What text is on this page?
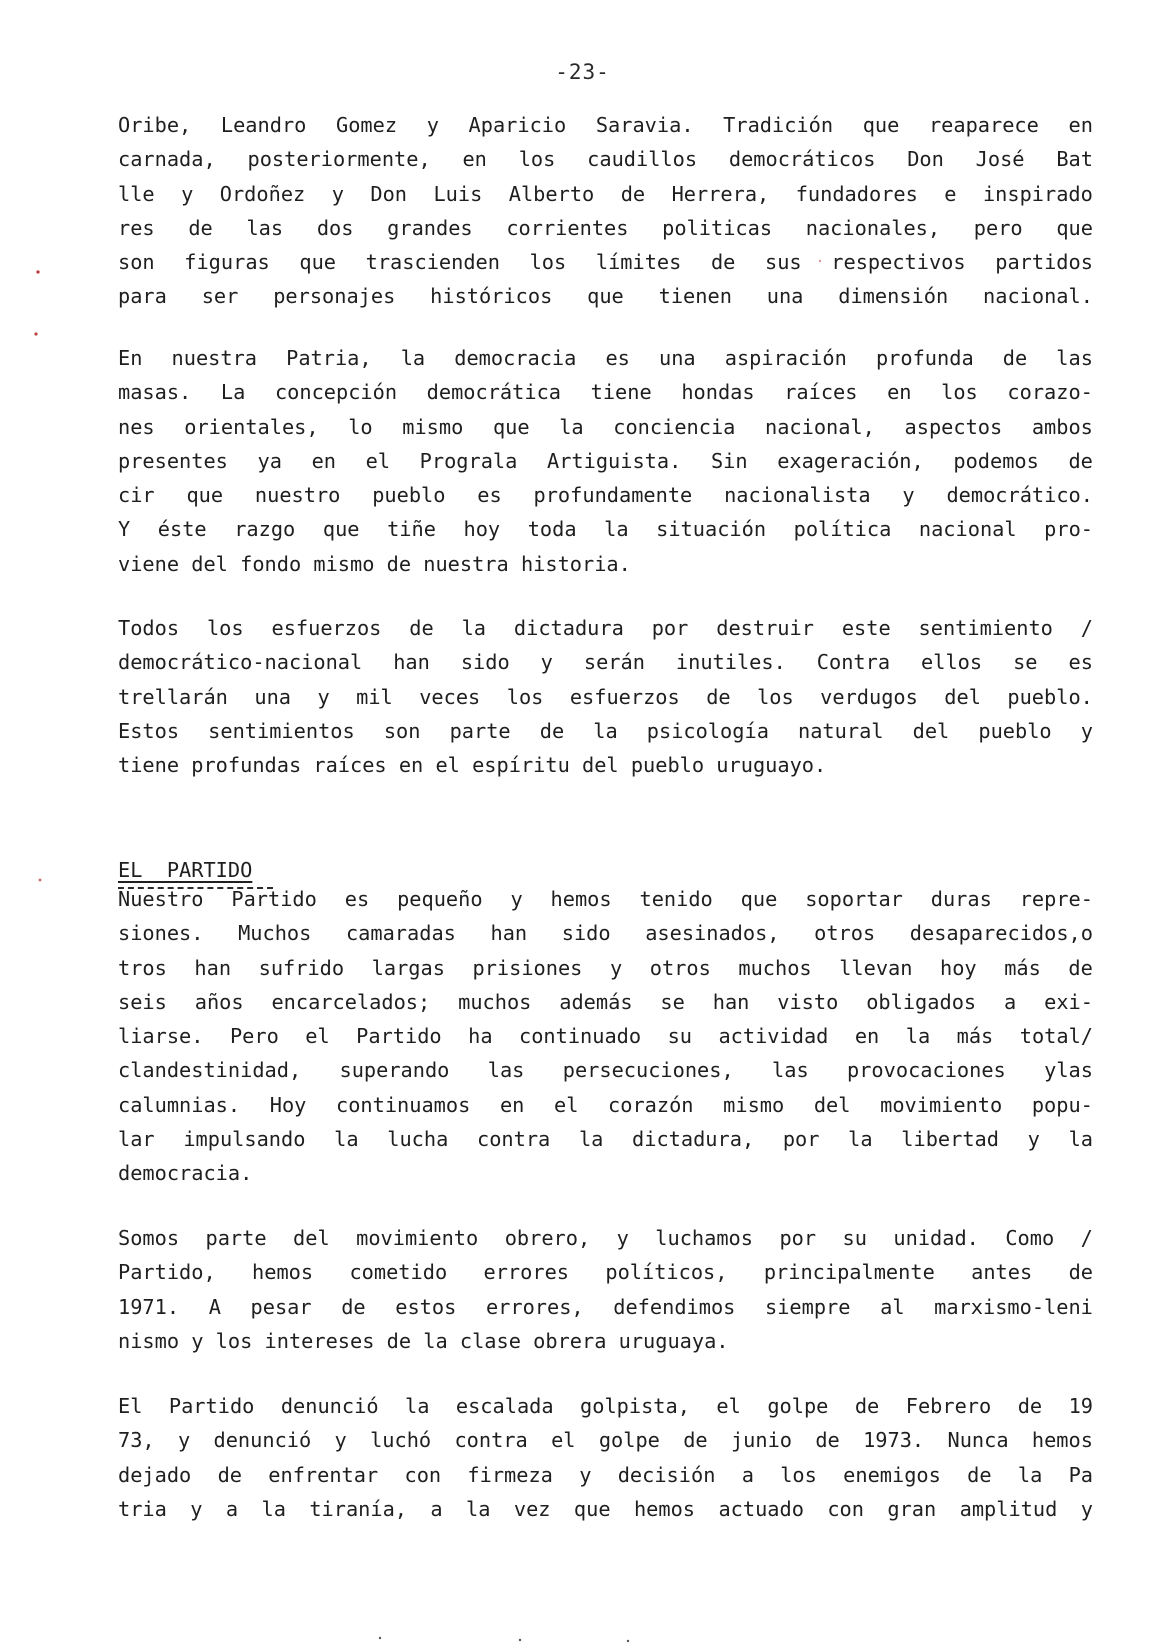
-23-
Oribe, Leandro Gomez y Aparicio Saravia. Tradición que reaparece en
carnada, posteriormente, en los caudillos democráticos Don José Bat
lle y Ordoñez y Don Luis Alberto de Herrera, fundadores e inspirado
res de las dos grandes corrientes politicas nacionales, pero que
son figuras que trascienden los límites de sus respectivos partidos
para ser personajes históricos que tienen una dimensión nacional.
En nuestra Patria, la democracia es una aspiración profunda de las
masas. La concepción democrática tiene hondas raíces en los corazo-
nes orientales, lo mismo que la conciencia nacional, aspectos ambos
presentes ya en el Prograla Artiguista. Sin exageración, podemos de
cir que nuestro pueblo es profundamente nacionalista y democrático.
Y éste razgo que tiñe hoy toda la situación política nacional pro-
viene del fondo mismo de nuestra historia.
Todos los esfuerzos de la dictadura por destruir este sentimiento /
democrático-nacional han sido y serán inutiles. Contra ellos se es
trellarán una y mil veces los esfuerzos de los verdugos del pueblo.
Estos sentimientos son parte de la psicología natural del pueblo y
tiene profundas raíces en el espíritu del pueblo uruguayo.
EL  PARTIDO
Nuestro Partido es pequeño y hemos tenido que soportar duras repre-
siones. Muchos camaradas han sido asesinados, otros desaparecidos,o
tros han sufrido largas prisiones y otros muchos llevan hoy más de
seis años encarcelados; muchos además se han visto obligados a exi-
liarse. Pero el Partido ha continuado su actividad en la más total/
clandestinidad, superando las persecuciones, las provocaciones ylas
calumnias. Hoy continuamos en el corazón mismo del movimiento popu-
lar impulsando la lucha contra la dictadura, por la libertad y la
democracia.
Somos parte del movimiento obrero, y luchamos por su unidad. Como /
Partido, hemos cometido errores políticos, principalmente antes de
1971. A pesar de estos errores, defendimos siempre al marxismo-leni
nismo y los intereses de la clase obrera uruguaya.
El Partido denunció la escalada golpista, el golpe de Febrero de 19
73, y denunció y luchó contra el golpe de junio de 1973. Nunca hemos
dejado de enfrentar con firmeza y decisión a los enemigos de la Pa
tria y a la tiranía, a la vez que hemos actuado con gran amplitud y
